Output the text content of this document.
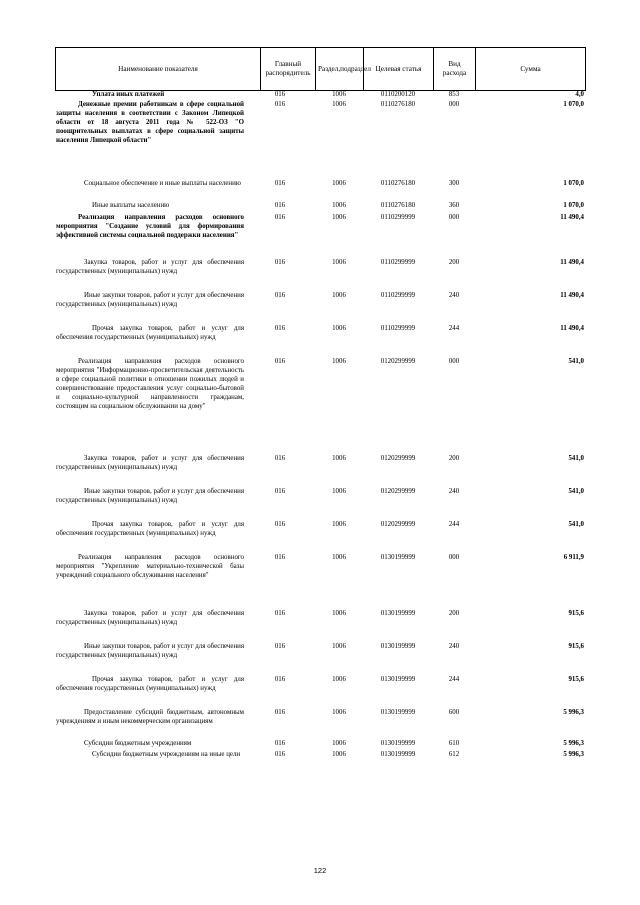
Наименование показателя	Главный распорядитель	Раздел,подраздел	Целевая статья	Вид расхода	Сумма
Уплата иных платежей	016	1006	0110200120	853	4,0
Денежные премии работникам в сфере социальной защиты населения в соответствии с Законом Липецкой области от 18 августа 2011 года № 522-ОЗ "О поощрительных выплатах в сфере социальной защиты населения Липецкой области"	016	1006	0110276180	000	1 070,0
Социальное обеспечение и иные выплаты населению	016	1006	0110276180	300	1 070,0
Иные выплаты населению	016	1006	0110276180	360	1 070,0
Реализация направления расходов основного мероприятия "Создание условий для формирования эффективной системы социальной поддержки населения"	016	1006	0110299999	000	11 490,4
Закупка товаров, работ и услуг для обеспечения государственных (муниципальных) нужд	016	1006	0110299999	200	11 490,4
Иные закупки товаров, работ и услуг для обеспечения государственных (муниципальных) нужд	016	1006	0110299999	240	11 490,4
Прочая закупка товаров, работ и услуг для обеспечения государственных (муниципальных) нужд	016	1006	0110299999	244	11 490,4
Реализация направления расходов основного мероприятия "Информационно-просветительская деятельность в сфере социальной политики в отношении пожилых людей и совершенствование предоставления услуг социально-бытовой и социально-культурной направленности гражданам, состоящим на социальном обслуживании на дому"	016	1006	0120299999	000	541,0
Закупка товаров, работ и услуг для обеспечения государственных (муниципальных) нужд	016	1006	0120299999	200	541,0
Иные закупки товаров, работ и услуг для обеспечения государственных (муниципальных) нужд	016	1006	0120299999	240	541,0
Прочая закупка товаров, работ и услуг для обеспечения государственных (муниципальных) нужд	016	1006	0120299999	244	541,0
Реализация направления расходов основного мероприятия "Укрепление материально-технической базы учреждений социального обслуживания населения"	016	1006	0130199999	000	6 911,9
Закупка товаров, работ и услуг для обеспечения государственных (муниципальных) нужд	016	1006	0130199999	200	915,6
Иные закупки товаров, работ и услуг для обеспечения государственных (муниципальных) нужд	016	1006	0130199999	240	915,6
Прочая закупка товаров, работ и услуг для обеспечения государственных (муниципальных) нужд	016	1006	0130199999	244	915,6
Предоставление субсидий бюджетным, автономным учреждениям и иным некоммерческим организациям	016	1006	0130199999	600	5 996,3
Субсидии бюджетным учреждениям	016	1006	0130199999	610	5 996,3
Субсидии бюджетным учреждениям на иные цели	016	1006	0130199999	612	5 996,3
122
